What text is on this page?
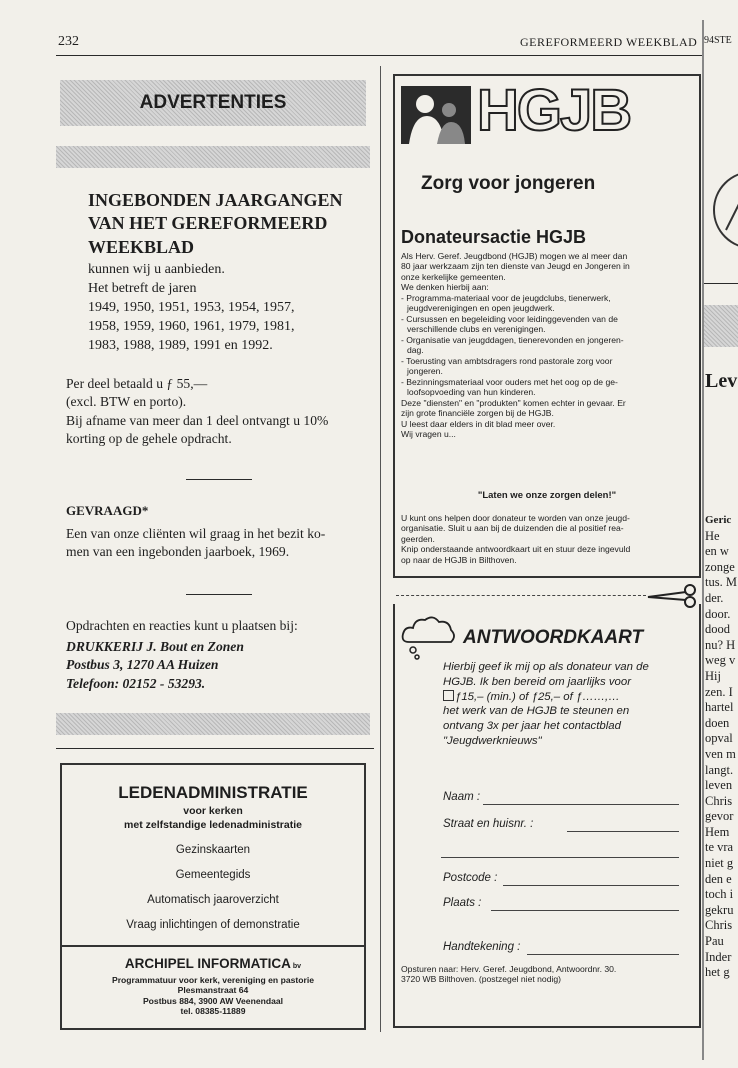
232	GEREFORMEERD WEEKBLAD 94STE
ADVERTENTIES
INGEBONDEN JAARGANGEN
VAN HET GEREFORMEERD
WEEKBLAD
kunnen wij u aanbieden.
Het betreft de jaren
1949, 1950, 1951, 1953, 1954, 1957,
1958, 1959, 1960, 1961, 1979, 1981,
1983, 1988, 1989, 1991 en 1992.
Per deel betaald u ƒ 55,—
(excl. BTW en porto).
Bij afname van meer dan 1 deel ontvangt u 10%
korting op de gehele opdracht.
GEVRAAGD*
Een van onze cliënten wil graag in het bezit ko-
men van een ingebonden jaarboek, 1969.
Opdrachten en reacties kunt u plaatsen bij:
DRUKKERIJ J. Bout en Zonen
Postbus 3, 1270 AA Huizen
Telefoon: 02152 - 53293.
LEDENADMINISTRATIE
voor kerken
met zelfstandige ledenadministratie
Gezinskaarten
Gemeentegids
Automatisch jaaroverzicht
Vraag inlichtingen of demonstratie
ARCHIPEL INFORMATICA bv
Programmatuur voor kerk, vereniging en pastorie
Plesmanstraat 64
Postbus 884, 3900 AW Veenendaal
tel. 08385-11889
HGJB
Zorg voor jongeren
Donateursactie HGJB
Als Herv. Geref. Jeugdbond (HGJB) mogen we al meer dan
80 jaar werkzaam zijn ten dienste van Jeugd en Jongeren in
onze kerkelijke gemeenten.
We denken hierbij aan:
- Programma-materiaal voor de jeugdclubs, tienerwerk,
jeugdverenigingen en open jeugdwerk.
- Cursussen en begeleiding voor leidinggevenden van de
verschillende clubs en verenigingen.
- Organisatie van jeugddagen, tienerevonden en jongeren-
dag.
- Toerusting van ambtsdragers rond pastorale zorg voor
jongeren.
- Bezinningsmateriaal voor ouders met het oog op de ge-
loofsopvoeding van hun kinderen.
Deze "diensten" en "produkten" komen echter in gevaar. Er
zijn grote financiële zorgen bij de HGJB.
U leest daar elders in dit blad meer over.
Wij vragen u...
"Laten we onze zorgen delen!"
U kunt ons helpen door donateur te worden van onze jeugd-
organisatie. Sluit u aan bij de duizenden die al positief rea-
geerden.
Knip onderstaande antwoordkaart uit en stuur deze ingevuld
op naar de HGJB in Bilthoven.
ANTWOORDKAART
Hierbij geef ik mij op als donateur van de
HGJB. Ik ben bereid om jaarlijks voor
ƒ15,– (min.) of ƒ25,– of ƒ……,…
het werk van de HGJB te steunen en
ontvang 3x per jaar het contactblad
"Jeugdwerknieuws"
Naam :
Straat en huisnr. :
Postcode :
Plaats :
Handtekening :
Opsturen naar: Herv. Geref. Jeugdbond, Antwoordnr. 30.
3720 WB Bilthoven. (postzegel niet nodig)
Lev
Geric
He
en w
zonge
tus. M
der.
door.
dood
nu? H
weg v
Hij
zen. I
hartel
doen
opval
ven m
langt.
leven
Chris
gevor
Hem
te vra
niet g
den e
toch i
gekru
Chris
Pau
Inder
het g
